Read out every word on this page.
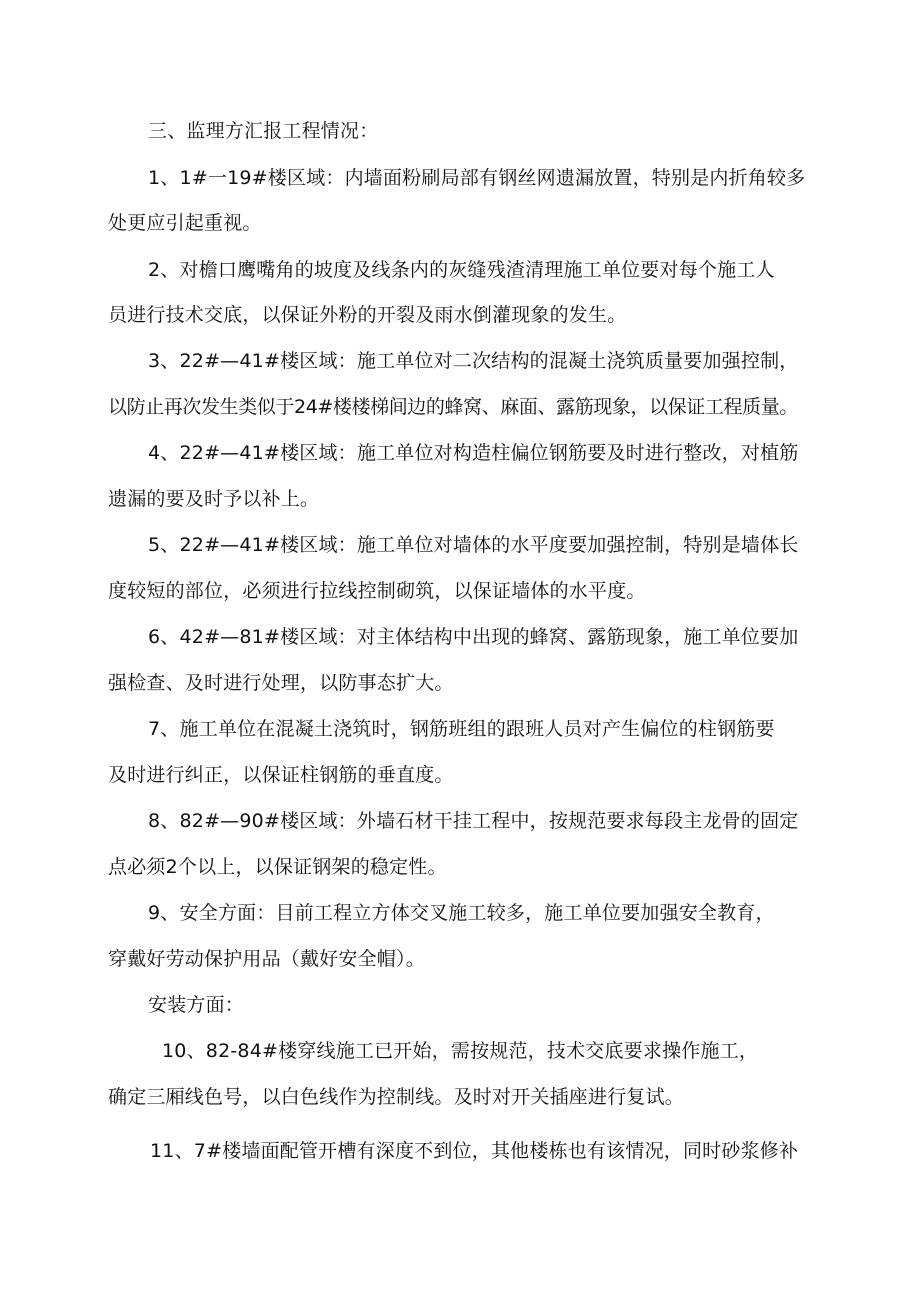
三、监理方汇报工程情况：
1、1#一19#楼区域：内墙面粉刷局部有钢丝网遗漏放置，特别是内折角较多
处更应引起重视。
2、对檐口鹰嘴角的坡度及线条内的灰缝残渣清理施工单位要对每个施工人
员进行技术交底，以保证外粉的开裂及雨水倒灌现象的发生。
3、22#—41#楼区域：施工单位对二次结构的混凝土浇筑质量要加强控制，
以防止再次发生类似于24#楼楼梯间边的蜂窝、麻面、露筋现象，以保证工程质量。
4、22#—41#楼区域：施工单位对构造柱偏位钢筋要及时进行整改，对植筋
遗漏的要及时予以补上。
5、22#—41#楼区域：施工单位对墙体的水平度要加强控制，特别是墙体长
度较短的部位，必须进行拉线控制砌筑，以保证墙体的水平度。
6、42#—81#楼区域：对主体结构中出现的蜂窝、露筋现象，施工单位要加
强检查、及时进行处理，以防事态扩大。
7、施工单位在混凝土浇筑时，钢筋班组的跟班人员对产生偏位的柱钢筋要
及时进行纠正，以保证柱钢筋的垂直度。
8、82#—90#楼区域：外墙石材干挂工程中，按规范要求每段主龙骨的固定
点必须2个以上，以保证钢架的稳定性。
9、安全方面：目前工程立方体交叉施工较多，施工单位要加强安全教育，
穿戴好劳动保护用品（戴好安全帽）。
安装方面：
10、82-84#楼穿线施工已开始，需按规范，技术交底要求操作施工，
确定三厢线色号，以白色线作为控制线。及时对开关插座进行复试。
11、7#楼墙面配管开槽有深度不到位，其他楼栋也有该情况，同时砂浆修补
